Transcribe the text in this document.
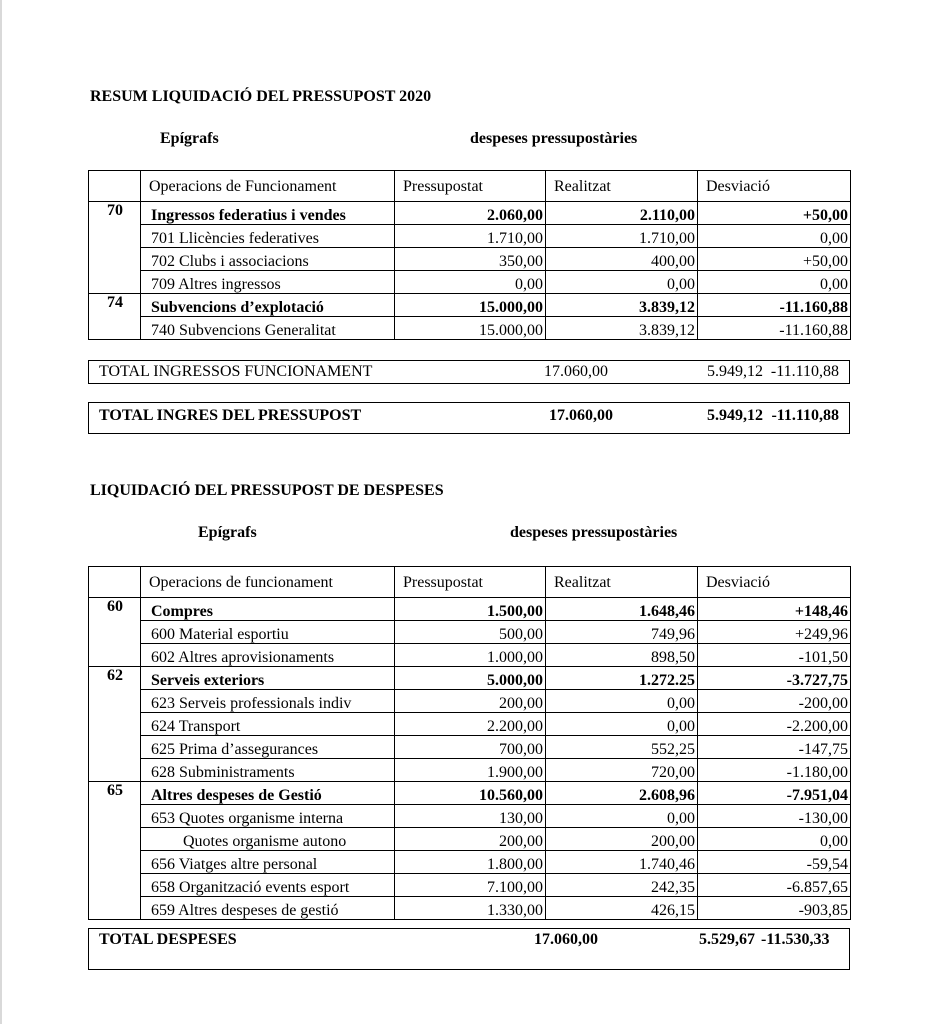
RESUM LIQUIDACIÓ DEL PRESSUPOST 2020
Epígrafs	despeses pressupostàries
	Operacions de Funcionament	Pressupostat	Realitzat	Desviació
70	Ingressos federatius i vendes	2.060,00	2.110,00	+50,00
	701 Llicències federatives	1.710,00	1.710,00	0,00
	702 Clubs i associacions	350,00	400,00	+50,00
	709 Altres ingressos	0,00	0,00	0,00
74	Subvencions d’explotació	15.000,00	3.839,12	-11.160,88
	740 Subvencions Generalitat	15.000,00	3.839,12	-11.160,88
TOTAL INGRESSOS FUNCIONAMENT	17.060,00	5.949,12 -11.110,88
TOTAL INGRES DEL PRESSUPOST	17.060,00	5.949,12 -11.110,88
LIQUIDACIÓ DEL PRESSUPOST DE DESPESES
Epígrafs	despeses pressupostàries
	Operacions de funcionament	Pressupostat	Realitzat	Desviació
60	Compres	1.500,00	1.648,46	+148,46
	600 Material esportiu	500,00	749,96	+249,96
	602 Altres aprovisionaments	1.000,00	898,50	-101,50
62	Serveis exteriors	5.000,00	1.272.25	-3.727,75
	623 Serveis professionals indiv	200,00	0,00	-200,00
	624 Transport	2.200,00	0,00	-2.200,00
	625 Prima d’assegurances	700,00	552,25	-147,75
	628 Subministraments	1.900,00	720,00	-1.180,00
65	Altres despeses de Gestió	10.560,00	2.608,96	-7.951,04
	653 Quotes organisme interna	130,00	0,00	-130,00
	Quotes organisme autono	200,00	200,00	0,00
	656 Viatges altre personal	1.800,00	1.740,46	-59,54
	658 Organització events esport	7.100,00	242,35	-6.857,65
	659 Altres despeses de gestió	1.330,00	426,15	-903,85
TOTAL DESPESES	17.060,00	5.529,67 -11.530,33
